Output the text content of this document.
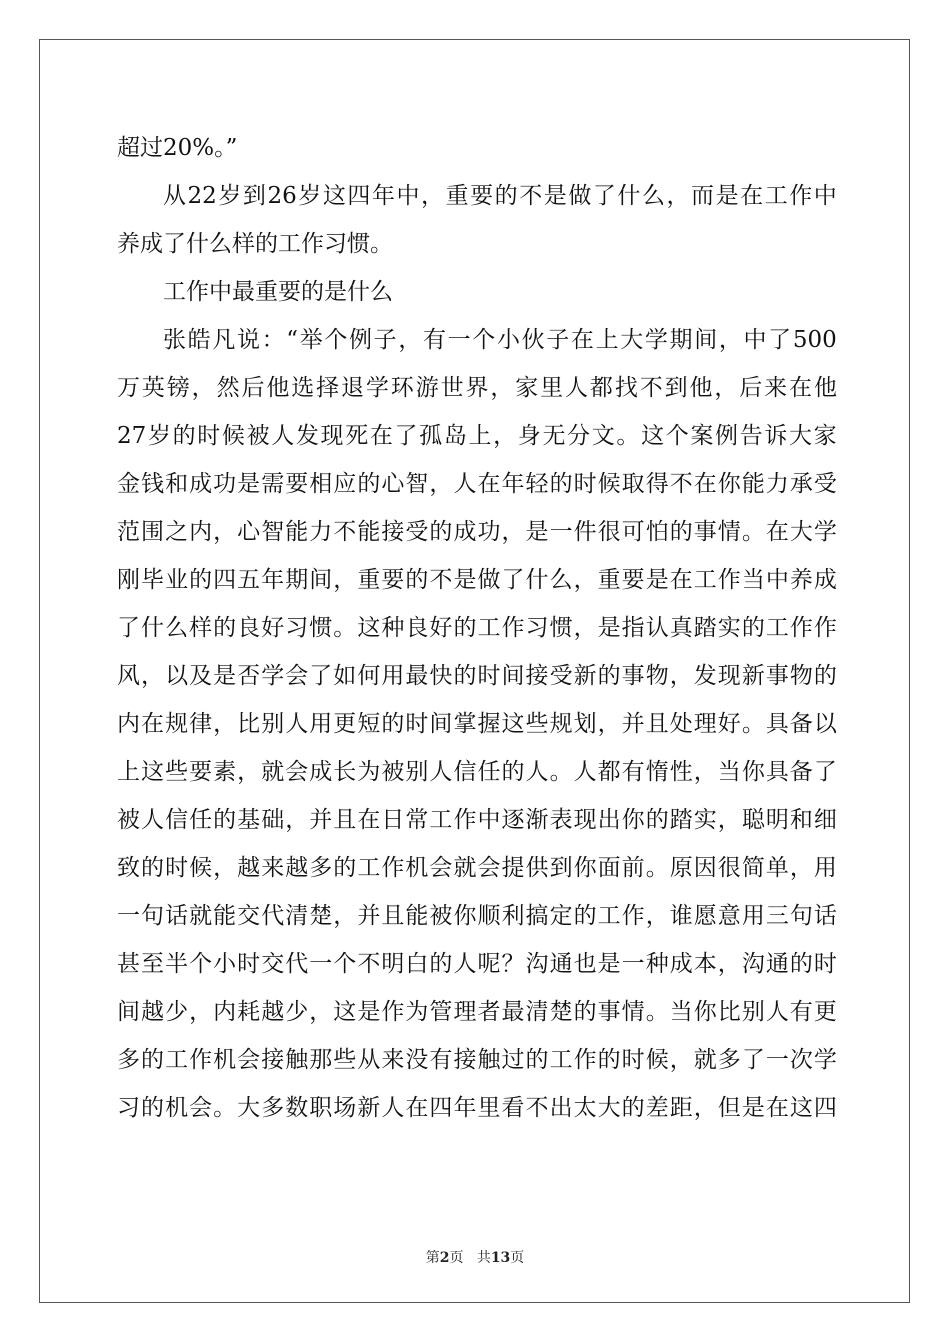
超过20%。”
从 22 岁 到 26 岁 这 四 年 中 ， 重 要 的 不 是 做 了 什 么 ， 而 是 在 工 作 中
养成了什么样的工作习惯。
工作中最重要的是什么
张 皓 凡 说 ： “ 举 个 例 子 ， 有 一 个 小 伙 子 在 上 大 学 期 间 ， 中 了 500
万 英 镑 ， 然 后 他 选 择 退 学 环 游 世 界 ， 家 里 人 都 找 不 到 他 ， 后 来 在 他
27 岁 的 时 候 被 人 发 现 死 在 了 孤 岛 上 ， 身 无 分 文 。 这 个 案 例 告 诉 大 家
金 钱 和 成 功 是 需 要 相 应 的 心 智 ， 人 在 年 轻 的 时 候 取 得 不 在 你 能 力 承 受
范 围 之 内 ， 心 智 能 力 不 能 接 受 的 成 功 ， 是 一 件 很 可 怕 的 事 情 。 在 大 学
刚 毕 业 的 四 五 年 期 间 ， 重 要 的 不 是 做 了 什 么 ， 重 要 是 在 工 作 当 中 养 成
了 什 么 样 的 良 好 习 惯 。 这 种 良 好 的 工 作 习 惯 ， 是 指 认 真 踏 实 的 工 作 作
风 ， 以 及 是 否 学 会 了 如 何 用 最 快 的 时 间 接 受 新 的 事 物 ， 发 现 新 事 物 的
内 在 规 律 ， 比 别 人 用 更 短 的 时 间 掌 握 这 些 规 划 ， 并 且 处 理 好 。 具 备 以
上 这 些 要 素 ， 就 会 成 长 为 被 别 人 信 任 的 人 。 人 都 有 惰 性 ， 当 你 具 备 了
被 人 信 任 的 基 础 ， 并 且 在 日 常 工 作 中 逐 渐 表 现 出 你 的 踏 实 ， 聪 明 和 细
致 的 时 候 ， 越 来 越 多 的 工 作 机 会 就 会 提 供 到 你 面 前 。 原 因 很 简 单 ， 用
一 句 话 就 能 交 代 清 楚 ， 并 且 能 被 你 顺 利 搞 定 的 工 作 ， 谁 愿 意 用 三 句 话
甚 至 半 个 小 时 交 代 一 个 不 明 白 的 人 呢 ？ 沟 通 也 是 一 种 成 本 ， 沟 通 的 时
间 越 少 ， 内 耗 越 少 ， 这 是 作 为 管 理 者 最 清 楚 的 事 情 。 当 你 比 别 人 有 更
多 的 工 作 机 会 接 触 那 些 从 来 没 有 接 触 过 的 工 作 的 时 候 ， 就 多 了 一 次 学
习 的 机 会 。 大 多 数 职 场 新 人 在 四 年 里 看 不 出 太 大 的 差 距 ， 但 是 在 这 四
第2页 共13页
